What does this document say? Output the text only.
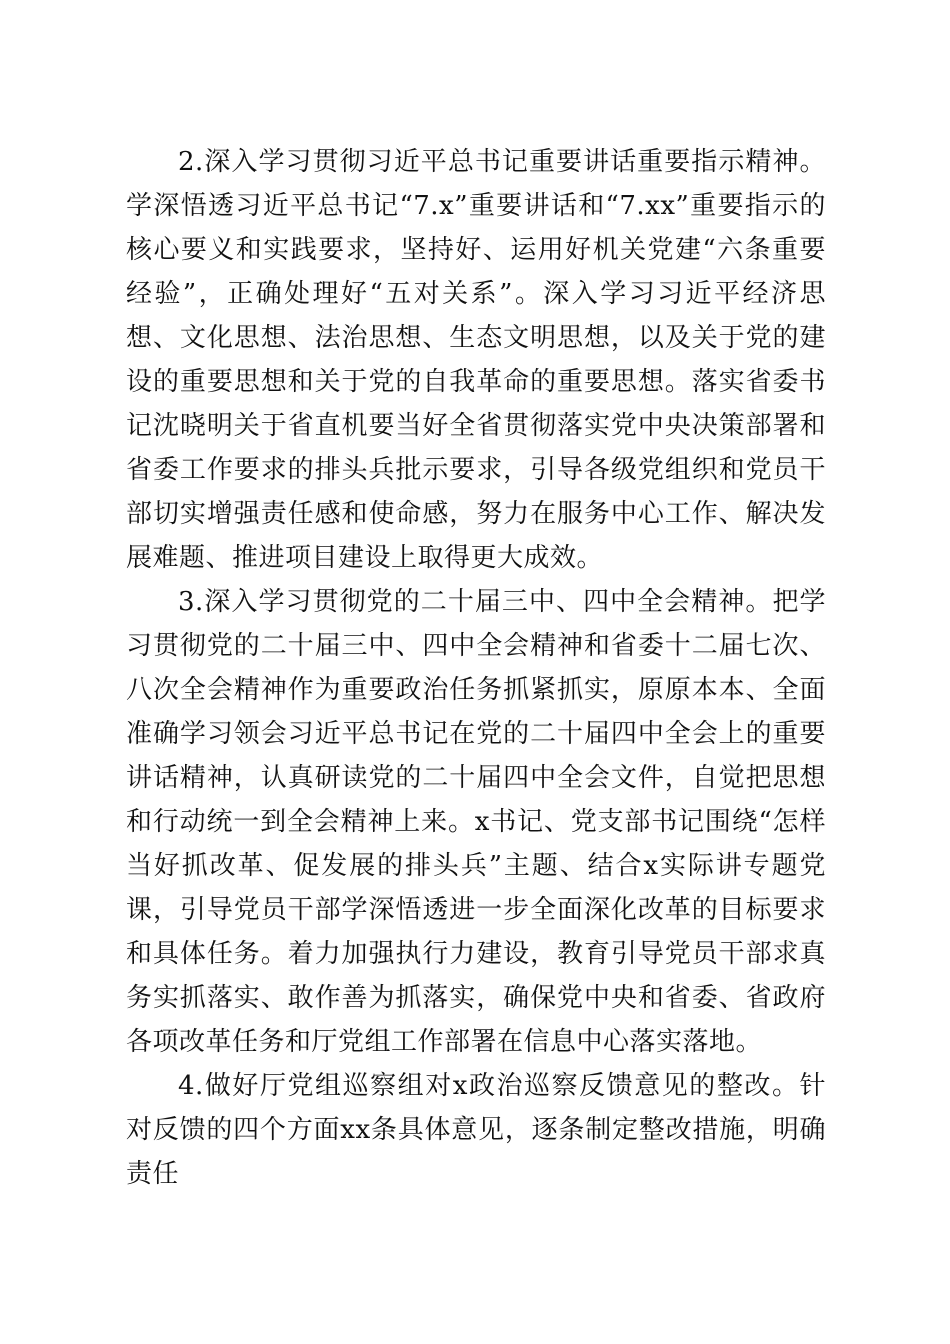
2.深入学习贯彻习近平总书记重要讲话重要指示精神。学深悟透习近平总书记“7.x”重要讲话和“7.xx”重要指示的核心要义和实践要求，坚持好、运用好机关党建“六条重要经验”，正确处理好“五对关系”。深入学习习近平经济思想、文化思想、法治思想、生态文明思想，以及关于党的建设的重要思想和关于党的自我革命的重要思想。落实省委书记沈晓明关于省直机要当好全省贯彻落实党中央决策部署和省委工作要求的排头兵批示要求，引导各级党组织和党员干部切实增强责任感和使命感，努力在服务中心工作、解决发展难题、推进项目建设上取得更大成效。

3.深入学习贯彻党的二十届三中、四中全会精神。把学习贯彻党的二十届三中、四中全会精神和省委十二届七次、八次全会精神作为重要政治任务抓紧抓实，原原本本、全面准确学习领会习近平总书记在党的二十届四中全会上的重要讲话精神，认真研读党的二十届四中全会文件，自觉把思想和行动统一到全会精神上来。x书记、党支部书记围绕“怎样当好抓改革、促发展的排头兵”主题、结合x实际讲专题党课，引导党员干部学深悟透进一步全面深化改革的目标要求和具体任务。着力加强执行力建设，教育引导党员干部求真务实抓落实、敢作善为抓落实，确保党中央和省委、省政府各项改革任务和厅党组工作部署在信息中心落实落地。

4.做好厅党组巡察组对x政治巡察反馈意见的整改。针对反馈的四个方面xx条具体意见，逐条制定整改措施，明确责任
